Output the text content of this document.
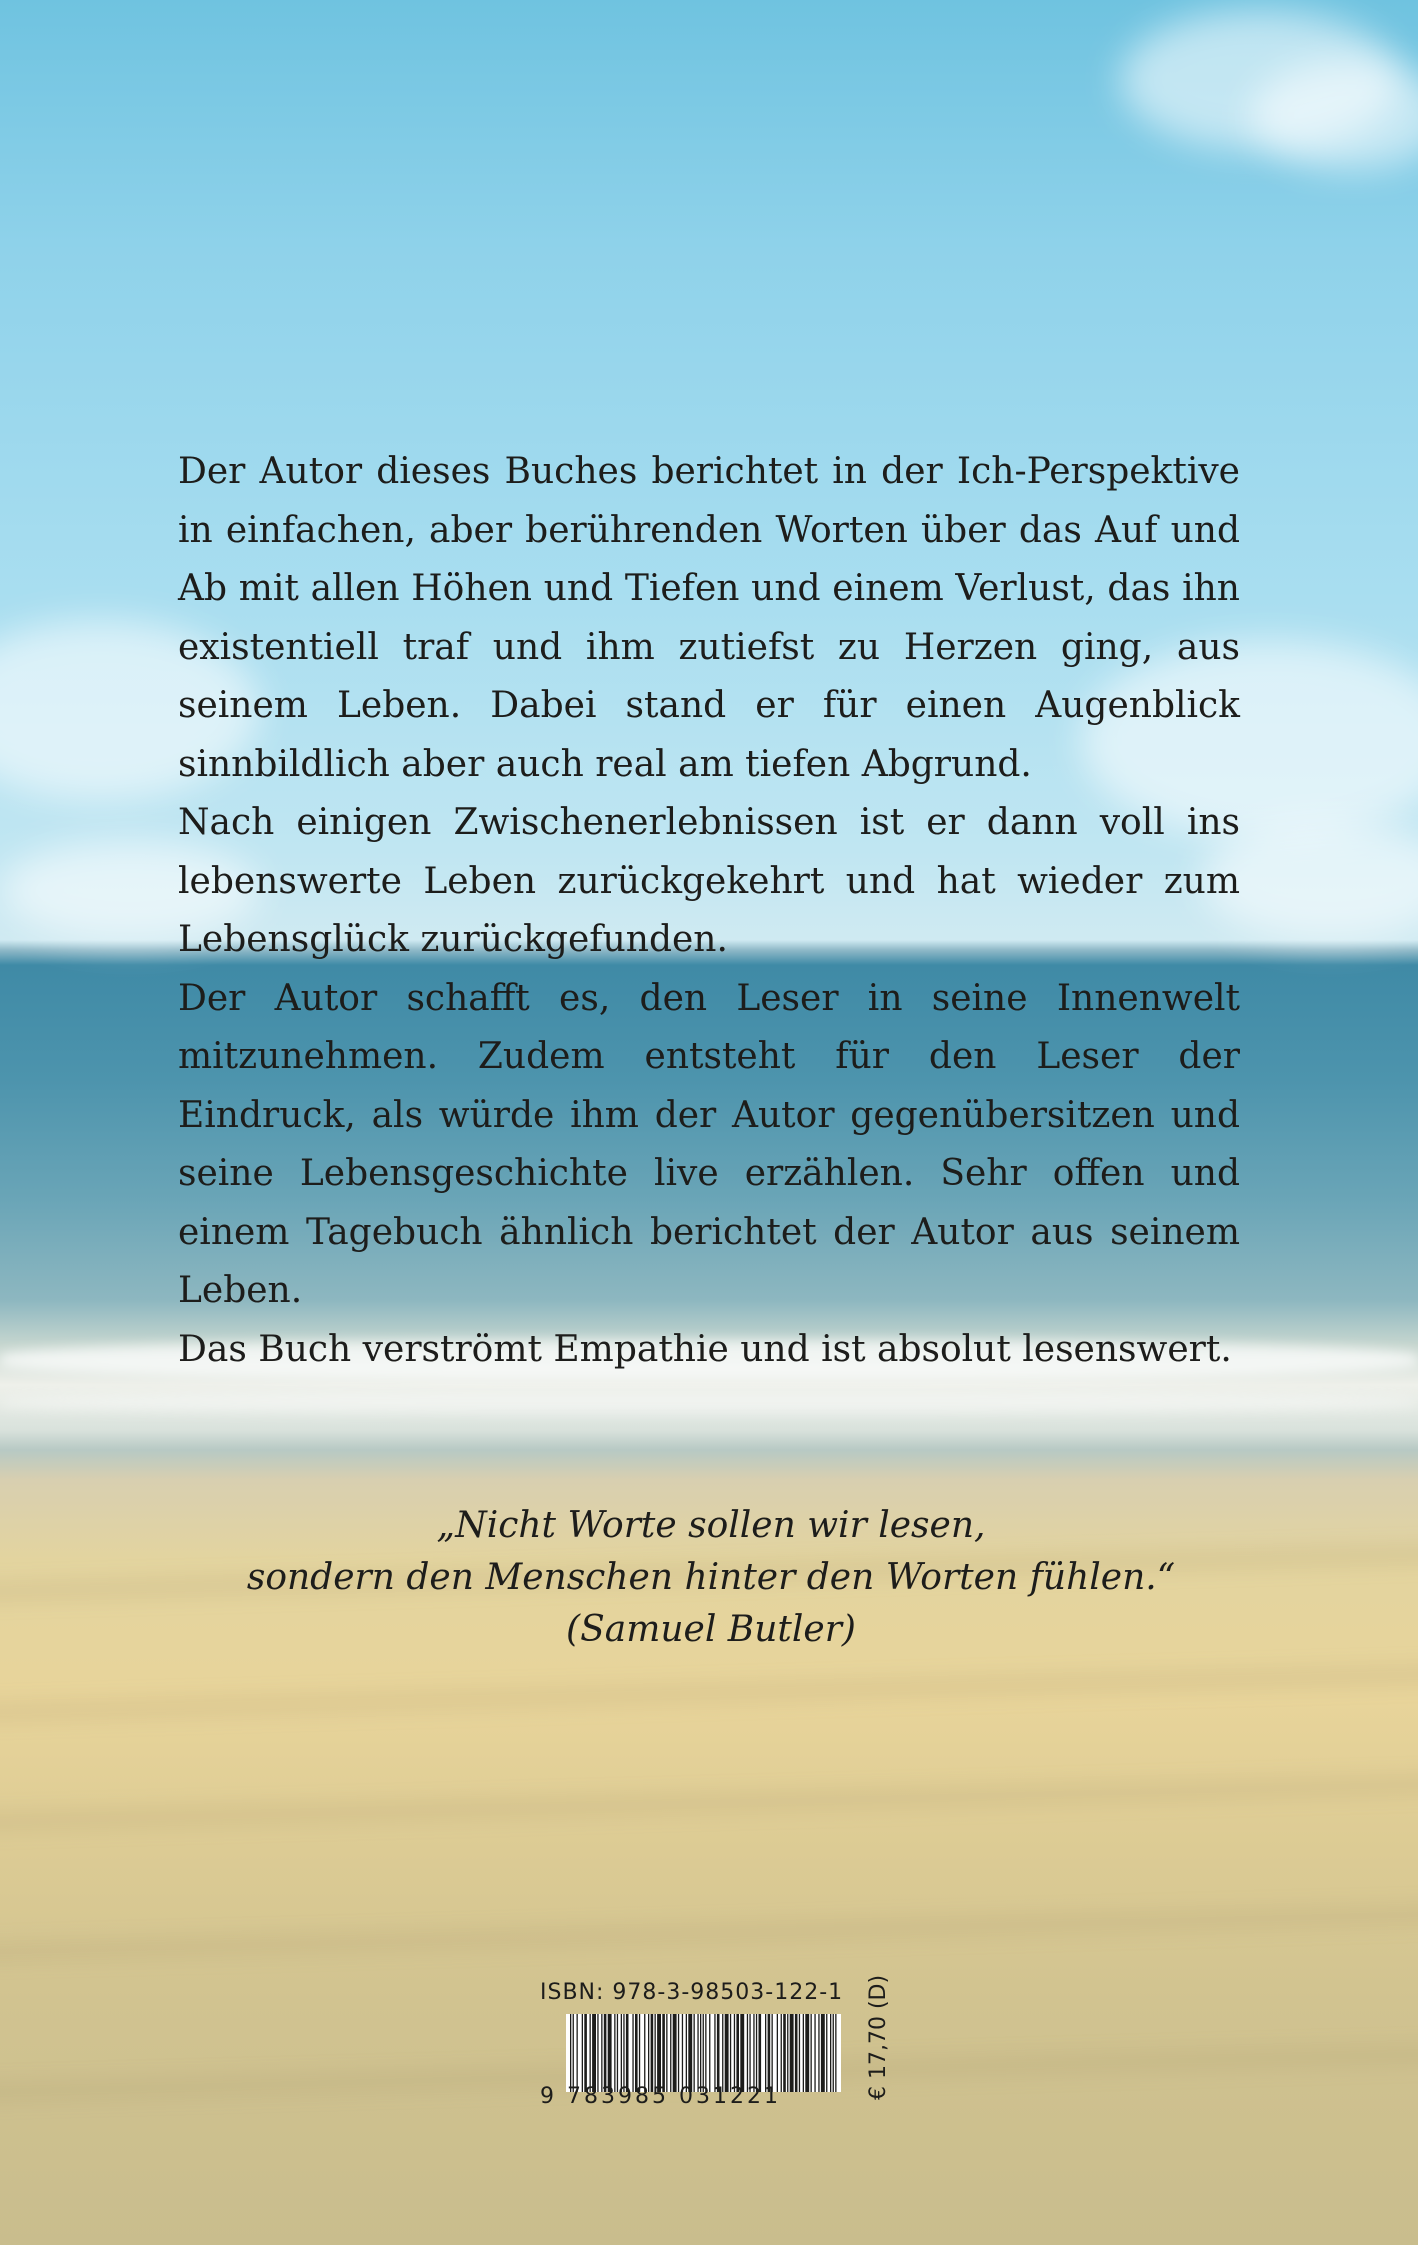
Der Autor dieses Buches berichtet in der Ich-Perspektive in einfachen, aber berührenden Worten über das Auf und Ab mit allen Höhen und Tiefen und einem Verlust, das ihn existentiell traf und ihm zutiefst zu Herzen ging, aus seinem Leben. Dabei stand er für einen Augenblick sinnbildlich aber auch real am tiefen Abgrund.

Nach einigen Zwischenerlebnissen ist er dann voll ins lebenswerte Leben zurückgekehrt und hat wieder zum Lebensglück zurückgefunden.

Der Autor schafft es, den Leser in seine Innenwelt mitzunehmen. Zudem entsteht für den Leser der Eindruck, als würde ihm der Autor gegenübersitzen und seine Lebensgeschichte live erzählen. Sehr offen und einem Tagebuch ähnlich berichtet der Autor aus seinem Leben.

Das Buch verströmt Empathie und ist absolut lesenswert.

„Nicht Worte sollen wir lesen,
sondern den Menschen hinter den Worten fühlen.“
(Samuel Butler)
ISBN: 978-3-98503-122-1
9 783985 031221	€ 17,70 (D)
